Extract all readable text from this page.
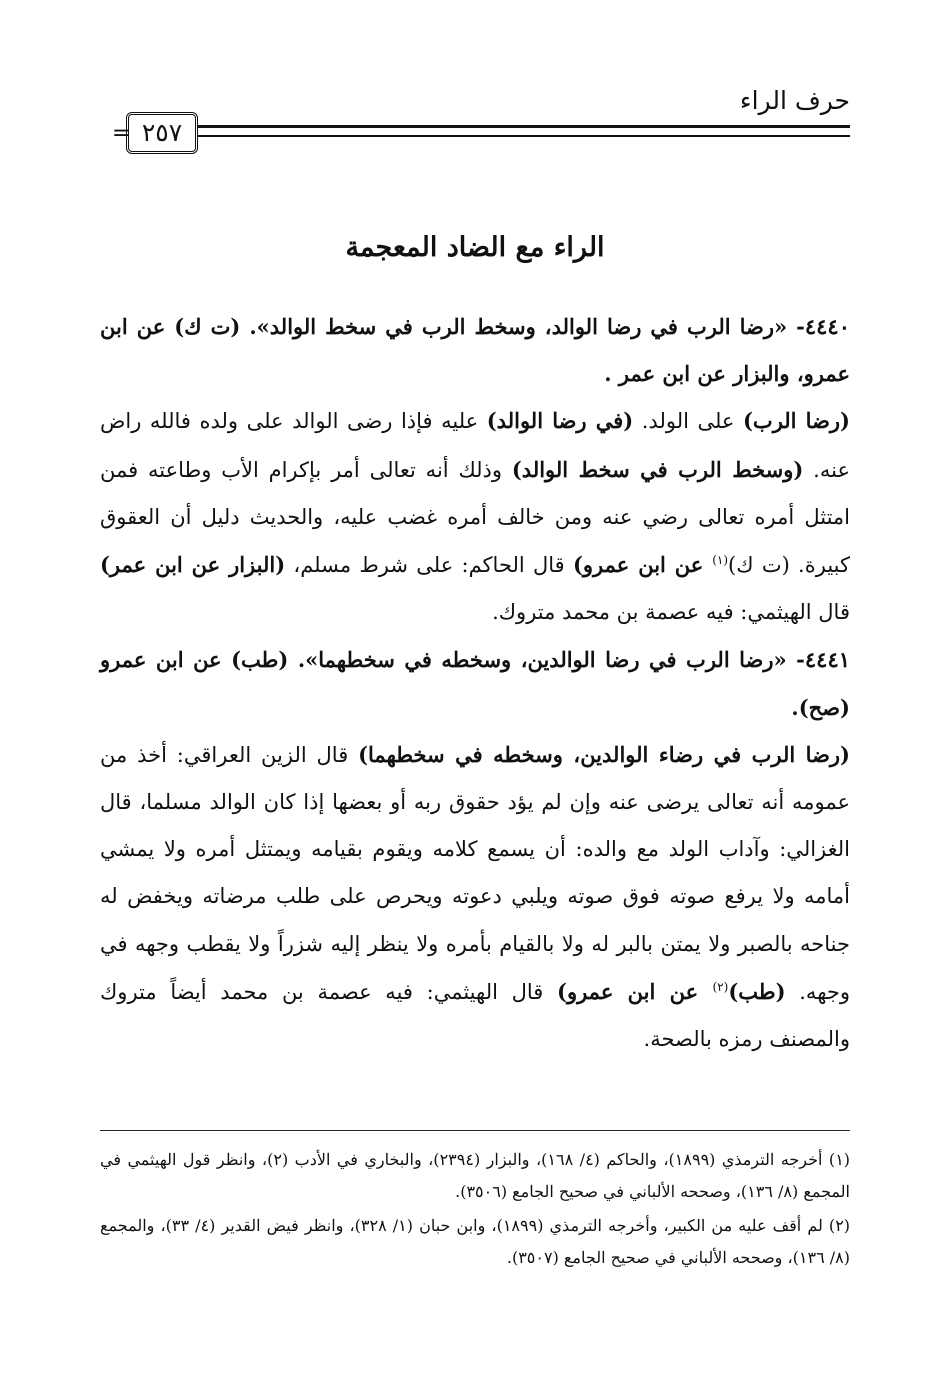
حرف الراء
= ٢٥٧
الراء مع الضاد المعجمة

٤٤٤٠- «رضا الرب في رضا الوالد، وسخط الرب في سخط الوالد». (ت ك) عن ابن عمرو، والبزار عن ابن عمر .

(رضا الرب) على الولد. (في رضا الوالد) عليه فإذا رضى الوالد على ولده فالله راض عنه. (وسخط الرب في سخط الوالد) وذلك أنه تعالى أمر بإكرام الأب وطاعته فمن امتثل أمره تعالى رضي عنه ومن خالف أمره غضب عليه، والحديث دليل أن العقوق كبيرة. (ت ك)$^{(١)}$ عن ابن عمرو) قال الحاكم: على شرط مسلم، (البزار عن ابن عمر) قال الهيثمي: فيه عصمة بن محمد متروك.

٤٤٤١- «رضا الرب في رضا الوالدين، وسخطه في سخطهما». (طب) عن ابن عمرو (صح).

(رضا الرب في رضاء الوالدين، وسخطه في سخطهما) قال الزين العراقي: أخذ من عمومه أنه تعالى يرضى عنه وإن لم يؤد حقوق ربه أو بعضها إذا كان الوالد مسلما، قال الغزالي: وآداب الولد مع والده: أن يسمع كلامه ويقوم بقيامه ويمتثل أمره ولا يمشي أمامه ولا يرفع صوته فوق صوته ويلبي دعوته ويحرص على طلب مرضاته ويخفض له جناحه بالصبر ولا يمتن بالبر له ولا بالقيام بأمره ولا ينظر إليه شزراً ولا يقطب وجهه في وجهه. (طب)$^{(٢)}$ عن ابن عمرو) قال الهيثمي: فيه عصمة بن محمد أيضاً متروك والمصنف رمزه بالصحة.

(١) أخرجه الترمذي (١٨٩٩)، والحاكم (٤/ ١٦٨)، والبزار (٢٣٩٤)، والبخاري في الأدب (٢)، وانظر قول الهيثمي في المجمع (٨/ ١٣٦)، وصححه الألباني في صحيح الجامع (٣٥٠٦).

(٢) لم أقف عليه من الكبير، وأخرجه الترمذي (١٨٩٩)، وابن حبان (١/ ٣٢٨)، وانظر فيض القدير (٤/ ٣٣)، والمجمع (٨/ ١٣٦)، وصححه الألباني في صحيح الجامع (٣٥٠٧).
